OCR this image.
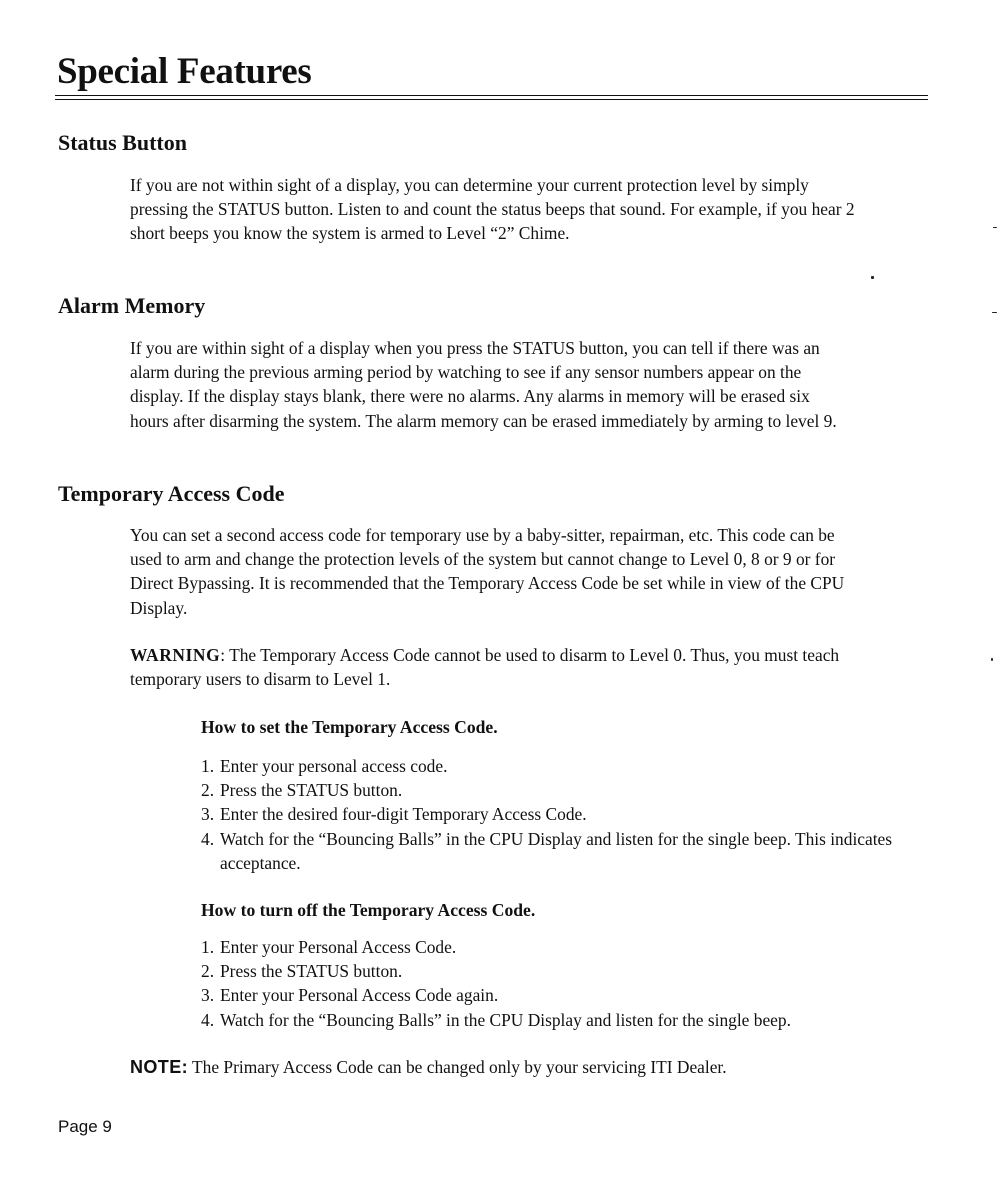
Special Features
Status Button

If you are not within sight of a display, you can determine your current protection level by simply pressing the STATUS button. Listen to and count the status beeps that sound. For example, if you hear 2 short beeps you know the system is armed to Level “2” Chime.

Alarm Memory

If you are within sight of a display when you press the STATUS button, you can tell if there was an alarm during the previous arming period by watching to see if any sensor numbers appear on the display. If the display stays blank, there were no alarms. Any alarms in memory will be erased six hours after disarming the system. The alarm memory can be erased immediately by arming to level 9.

Temporary Access Code

You can set a second access code for temporary use by a baby-sitter, repairman, etc. This code can be used to arm and change the protection levels of the system but cannot change to Level 0, 8 or 9 or for Direct Bypassing. It is recommended that the Temporary Access Code be set while in view of the CPU Display.

WARNING: The Temporary Access Code cannot be used to disarm to Level 0. Thus, you must teach temporary users to disarm to Level 1.

How to set the Temporary Access Code.
1. Enter your personal access code.
2. Press the STATUS button.
3. Enter the desired four-digit Temporary Access Code.
4. Watch for the “Bouncing Balls” in the CPU Display and listen for the single beep. This indicates acceptance.
How to turn off the Temporary Access Code.
1. Enter your Personal Access Code.
2. Press the STATUS button.
3. Enter your Personal Access Code again.
4. Watch for the “Bouncing Balls” in the CPU Display and listen for the single beep.

NOTE: The Primary Access Code can be changed only by your servicing ITI Dealer.

Page 9
